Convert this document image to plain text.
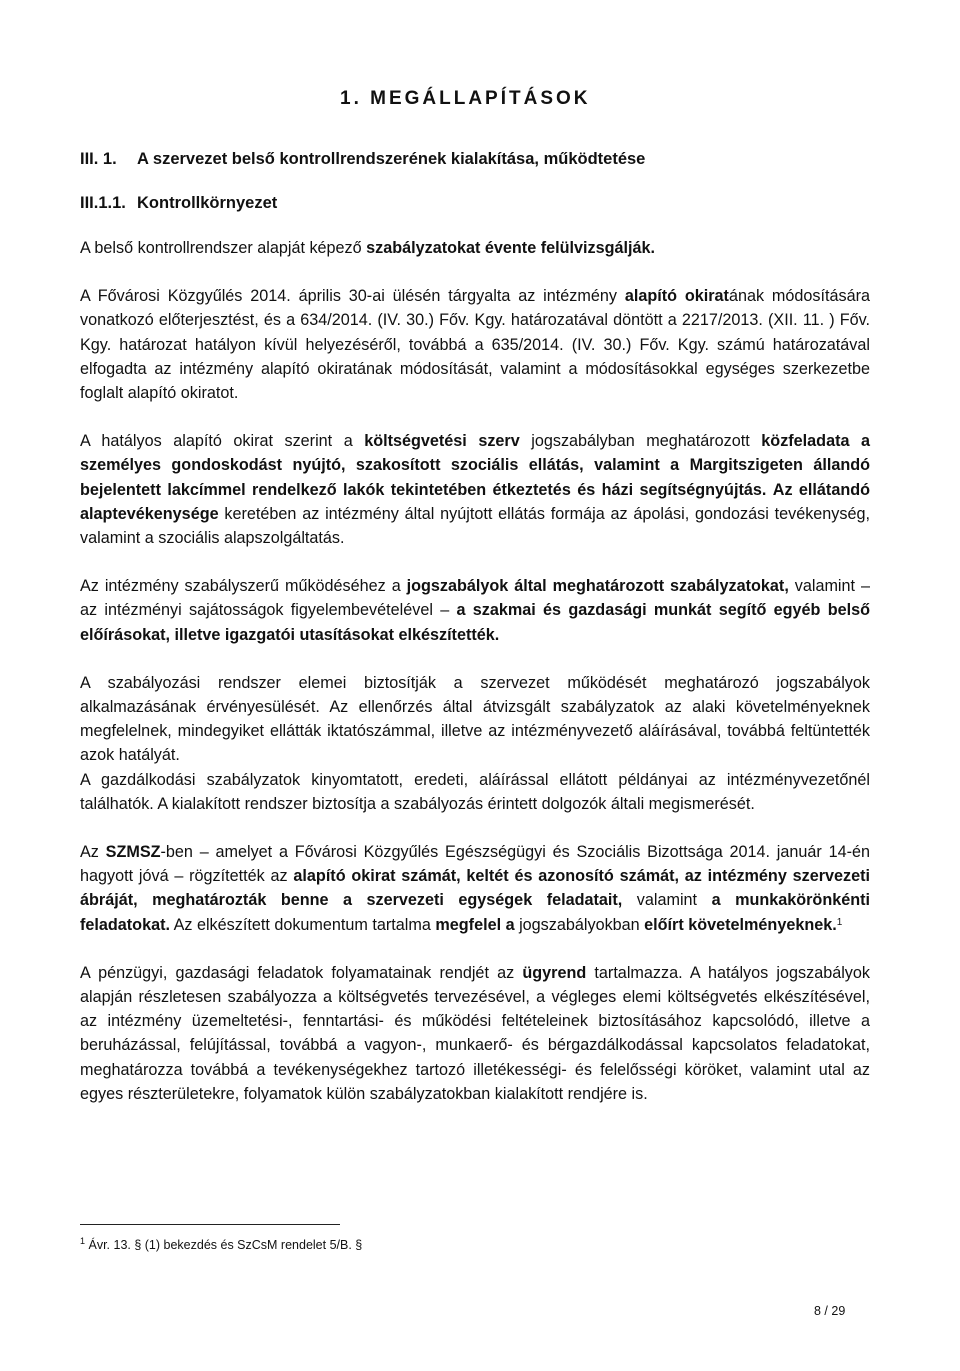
1. MEGÁLLAPÍTÁSOK
III. 1. A szervezet belső kontrollrendszerének kialakítása, működtetése
III.1.1. Kontrollkörnyezet

A belső kontrollrendszer alapját képező szabályzatokat évente felülvizsgálják.

A Fővárosi Közgyűlés 2014. április 30-ai ülésén tárgyalta az intézmény alapító okiratának módosítására vonatkozó előterjesztést, és a 634/2014. (IV. 30.) Főv. Kgy. határozatával döntött a 2217/2013. (XII. 11. ) Főv. Kgy. határozat hatályon kívül helyezéséről, továbbá a 635/2014. (IV. 30.) Főv. Kgy. számú határozatával elfogadta az intézmény alapító okiratának módosítását, valamint a módosításokkal egységes szerkezetbe foglalt alapító okiratot.

A hatályos alapító okirat szerint a költségvetési szerv jogszabályban meghatározott közfeladata a személyes gondoskodást nyújtó, szakosított szociális ellátás, valamint a Margitszigeten állandó bejelentett lakcímmel rendelkező lakók tekintetében étkeztetés és házi segítségnyújtás. Az ellátandó alaptevékenysége keretében az intézmény által nyújtott ellátás formája az ápolási, gondozási tevékenység, valamint a szociális alapszolgáltatás.

Az intézmény szabályszerű működéséhez a jogszabályok által meghatározott szabályzatokat, valamint – az intézményi sajátosságok figyelembevételével – a szakmai és gazdasági munkát segítő egyéb belső előírásokat, illetve igazgatói utasításokat elkészítették.

A szabályozási rendszer elemei biztosítják a szervezet működését meghatározó jogszabályok alkalmazásának érvényesülését. Az ellenőrzés által átvizsgált szabályzatok az alaki követelményeknek megfelelnek, mindegyiket ellátták iktatószámmal, illetve az intézményvezető aláírásával, továbbá feltüntették azok hatályát.

A gazdálkodási szabályzatok kinyomtatott, eredeti, aláírással ellátott példányai az intézményvezetőnél találhatók. A kialakított rendszer biztosítja a szabályozás érintett dolgozók általi megismerését.

Az SZMSZ-ben – amelyet a Fővárosi Közgyűlés Egészségügyi és Szociális Bizottsága 2014. január 14-én hagyott jóvá – rögzítették az alapító okirat számát, keltét és azonosító számát, az intézmény szervezeti ábráját, meghatározták benne a szervezeti egységek feladatait, valamint a munkakörönkénti feladatokat. Az elkészített dokumentum tartalma megfelel a jogszabályokban előírt követelményeknek.$^1$

A pénzügyi, gazdasági feladatok folyamatainak rendjét az ügyrend tartalmazza. A hatályos jogszabályok alapján részletesen szabályozza a költségvetés tervezésével, a végleges elemi költségvetés elkészítésével, az intézmény üzemeltetési-, fenntartási- és működési feltételeinek biztosításához kapcsolódó, illetve a beruházással, felújítással, továbbá a vagyon-, munkaerő- és bérgazdálkodással kapcsolatos feladatokat, meghatározza továbbá a tevékenységekhez tartozó illetékességi- és felelősségi köröket, valamint utal az egyes részterületekre, folyamatok külön szabályzatokban kialakított rendjére is.

$^1$ Ávr. 13. § (1) bekezdés és SzCsM rendelet 5/B. §
8 / 29
